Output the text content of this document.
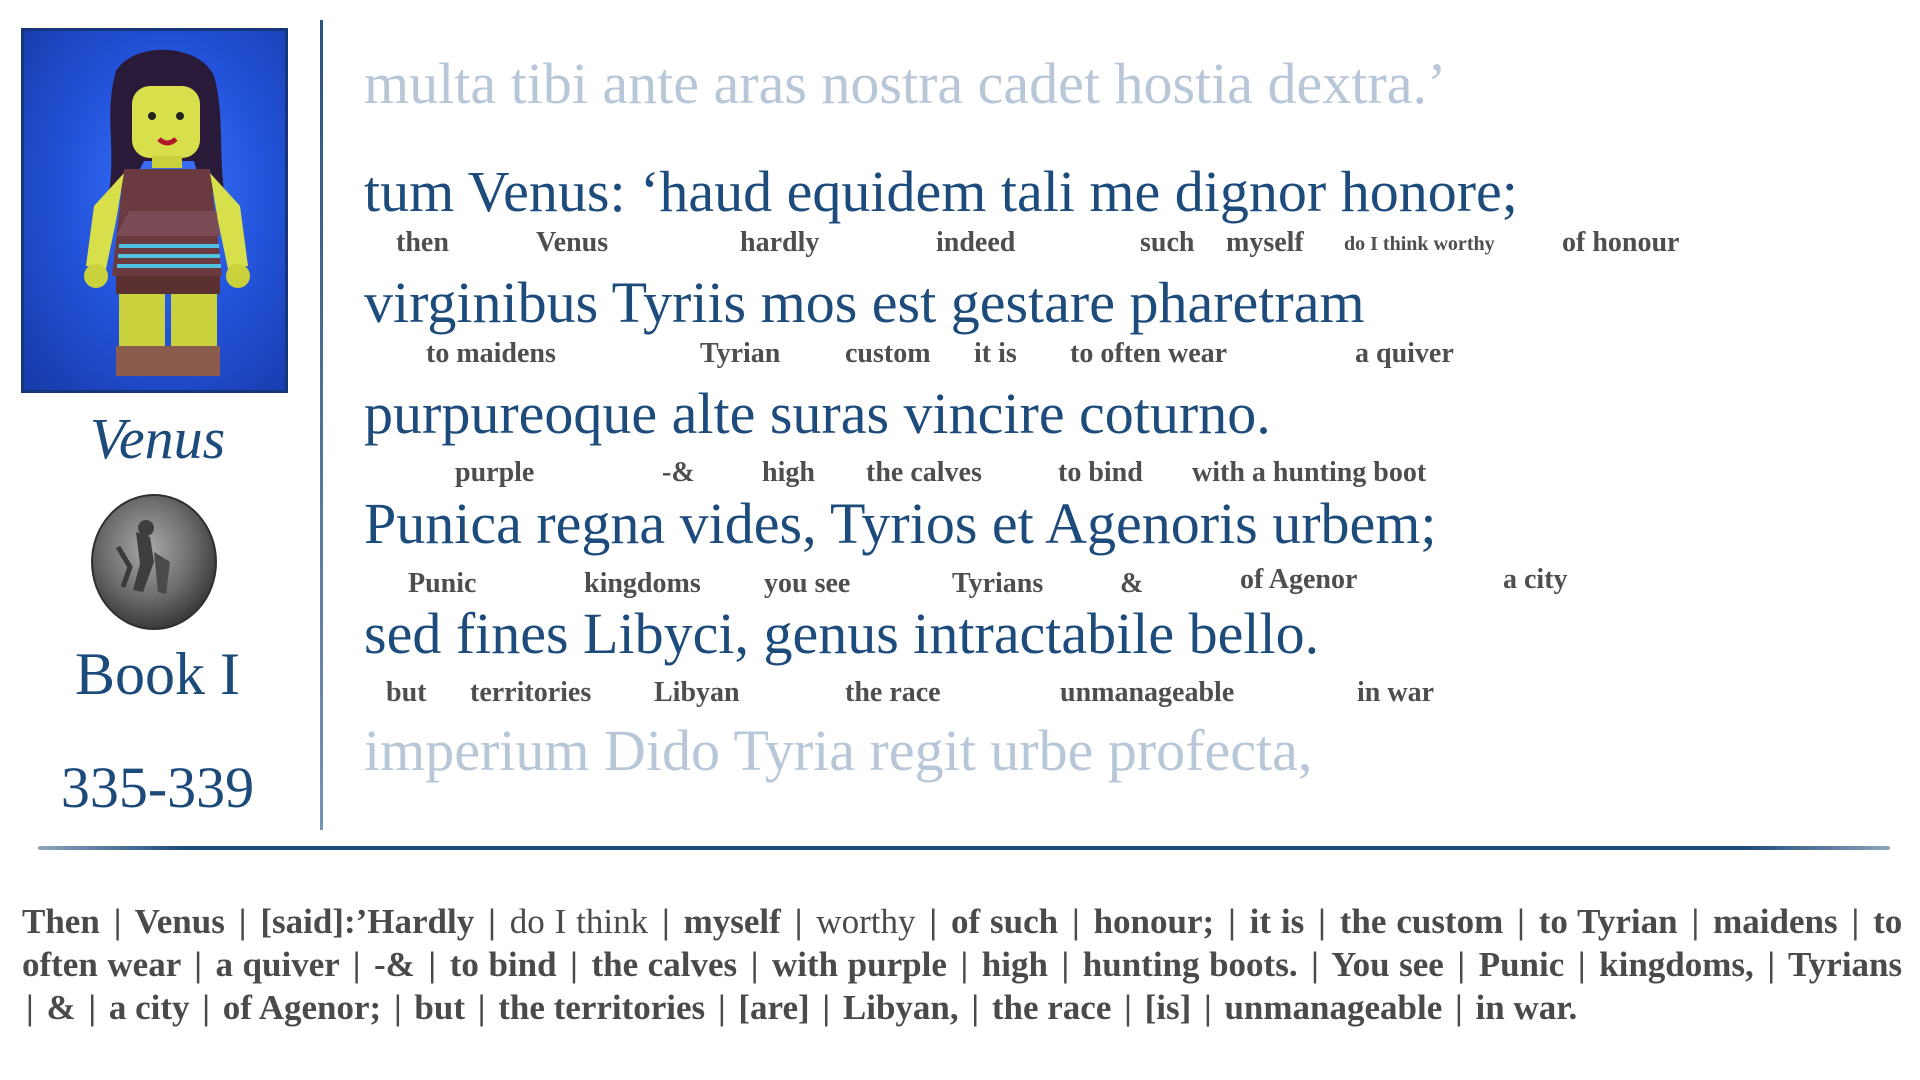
Venus
Book I
335-339
multa tibi ante aras nostra cadet hostia dextra.’
tum Venus: ‘haud equidem tali me dignor honore;
then	Venus	hardly	indeed	such myself do I think worthy of honour
virginibus Tyriis mos est gestare pharetram
to maidens	Tyrian custom it is to often wear	a quiver
purpureoque alte suras vincire coturno.
purple	-& high the calves	to bind with a hunting boot
Punica regna vides, Tyrios et Agenoris urbem;
Punic	kingdoms you see	Tyrians	&	of Agenor	a city
sed fines Libyci, genus intractabile bello.
but territories Libyan	the race	unmanageable	in war
imperium Dido Tyria regit urbe profecta,
Then | Venus | [said]:’Hardly | do I think | myself | worthy | of such | honour; | it is | the custom | to Tyrian | maidens | to often wear | a quiver | -& | to bind | the calves | with purple | high | hunting boots. | You see | Punic | kingdoms, | Tyrians | & | a city | of Agenor; | but | the territories | [are] | Libyan, | the race | [is] | unmanageable | in war.
